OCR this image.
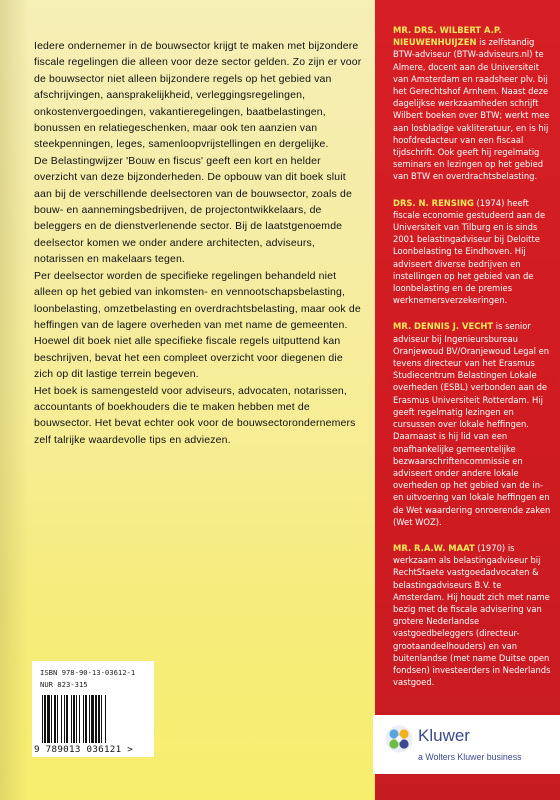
Iedere ondernemer in de bouwsector krijgt te maken met bijzondere fiscale regelingen die alleen voor deze sector gelden. Zo zijn er voor de bouwsector niet alleen bijzondere regels op het gebied van afschrijvingen, aansprakelijkheid, verleggingsregelingen, onkostenvergoedingen, vakantieregelingen, baatbelastingen, bonussen en relatiegeschenken, maar ook ten aanzien van steekpenningen, leges, samenloopvrijstellingen en dergelijke.

De Belastingwijzer 'Bouw en fiscus' geeft een kort en helder overzicht van deze bijzonderheden. De opbouw van dit boek sluit aan bij de verschillende deelsectoren van de bouwsector, zoals de bouw- en aannemingsbedrijven, de projectontwikkelaars, de beleggers en de dienstverlenende sector. Bij de laatstgenoemde deelsector komen we onder andere architecten, adviseurs, notarissen en makelaars tegen.

Per deelsector worden de specifieke regelingen behandeld niet alleen op het gebied van inkomsten- en vennootschapsbelasting, loonbelasting, omzetbelasting en overdrachtsbelasting, maar ook de heffingen van de lagere overheden van met name de gemeenten.

Hoewel dit boek niet alle specifieke fiscale regels uitputtend kan beschrijven, bevat het een compleet overzicht voor diegenen die zich op dit lastige terrein begeven.

Het boek is samengesteld voor adviseurs, advocaten, notarissen, accountants of boekhouders die te maken hebben met de bouwsector. Het bevat echter ook voor de bouwsectorondernemers zelf talrijke waardevolle tips en adviezen.

MR. DRS. WILBERT A.P. NIEUWENHUIJZEN is zelfstandig BTW-adviseur (BTW-adviseurs.nl) te Almere, docent aan de Universiteit van Amsterdam en raadsheer plv. bij het Gerechtshof Arnhem. Naast deze dagelijkse werkzaamheden schrijft Wilbert boeken over BTW; werkt mee aan losbladige vakliteratuur, en is hij hoofdredacteur van een fiscaal tijdschrift. Ook geeft hij regelmatig seminars en lezingen op het gebied van BTW en overdrachtsbelasting.

DRS. N. RENSING (1974) heeft fiscale economie gestudeerd aan de Universiteit van Tilburg en is sinds 2001 belastingadviseur bij Deloitte Loonbelasting te Eindhoven. Hij adviseert diverse bedrijven en instellingen op het gebied van de loonbelasting en de premies werknemersverzekeringen.

MR. DENNIS J. VECHT is senior adviseur bij Ingenieursbureau Oranjewoud BV/Oranjewoud Legal en tevens directeur van het Erasmus Studiecentrum Belastingen Lokale overheden (ESBL) verbonden aan de Erasmus Universiteit Rotterdam. Hij geeft regelmatig lezingen en cursussen over lokale heffingen. Daarnaast is hij lid van een onafhankelijke gemeentelijke bezwaarschriftencommissie en adviseert onder andere lokale overheden op het gebied van de in- en uitvoering van lokale heffingen en de Wet waardering onroerende zaken (Wet WOZ).

MR. R.A.W. MAAT (1970) is werkzaam als belastingadviseur bij RechtStaete vastgoedadvocaten & belastingadviseurs B.V. te Amsterdam. Hij houdt zich met name bezig met de fiscale advisering van grotere Nederlandse vastgoedbeleggers (directeur-grootaandeelhouders) en van buitenlandse (met name Duitse open fondsen) investeerders in Nederlands vastgoed.

ISBN 978-90-13-03612-1
NUR 823-315
9 789013 036121 >
Kluwer
a Wolters Kluwer business
